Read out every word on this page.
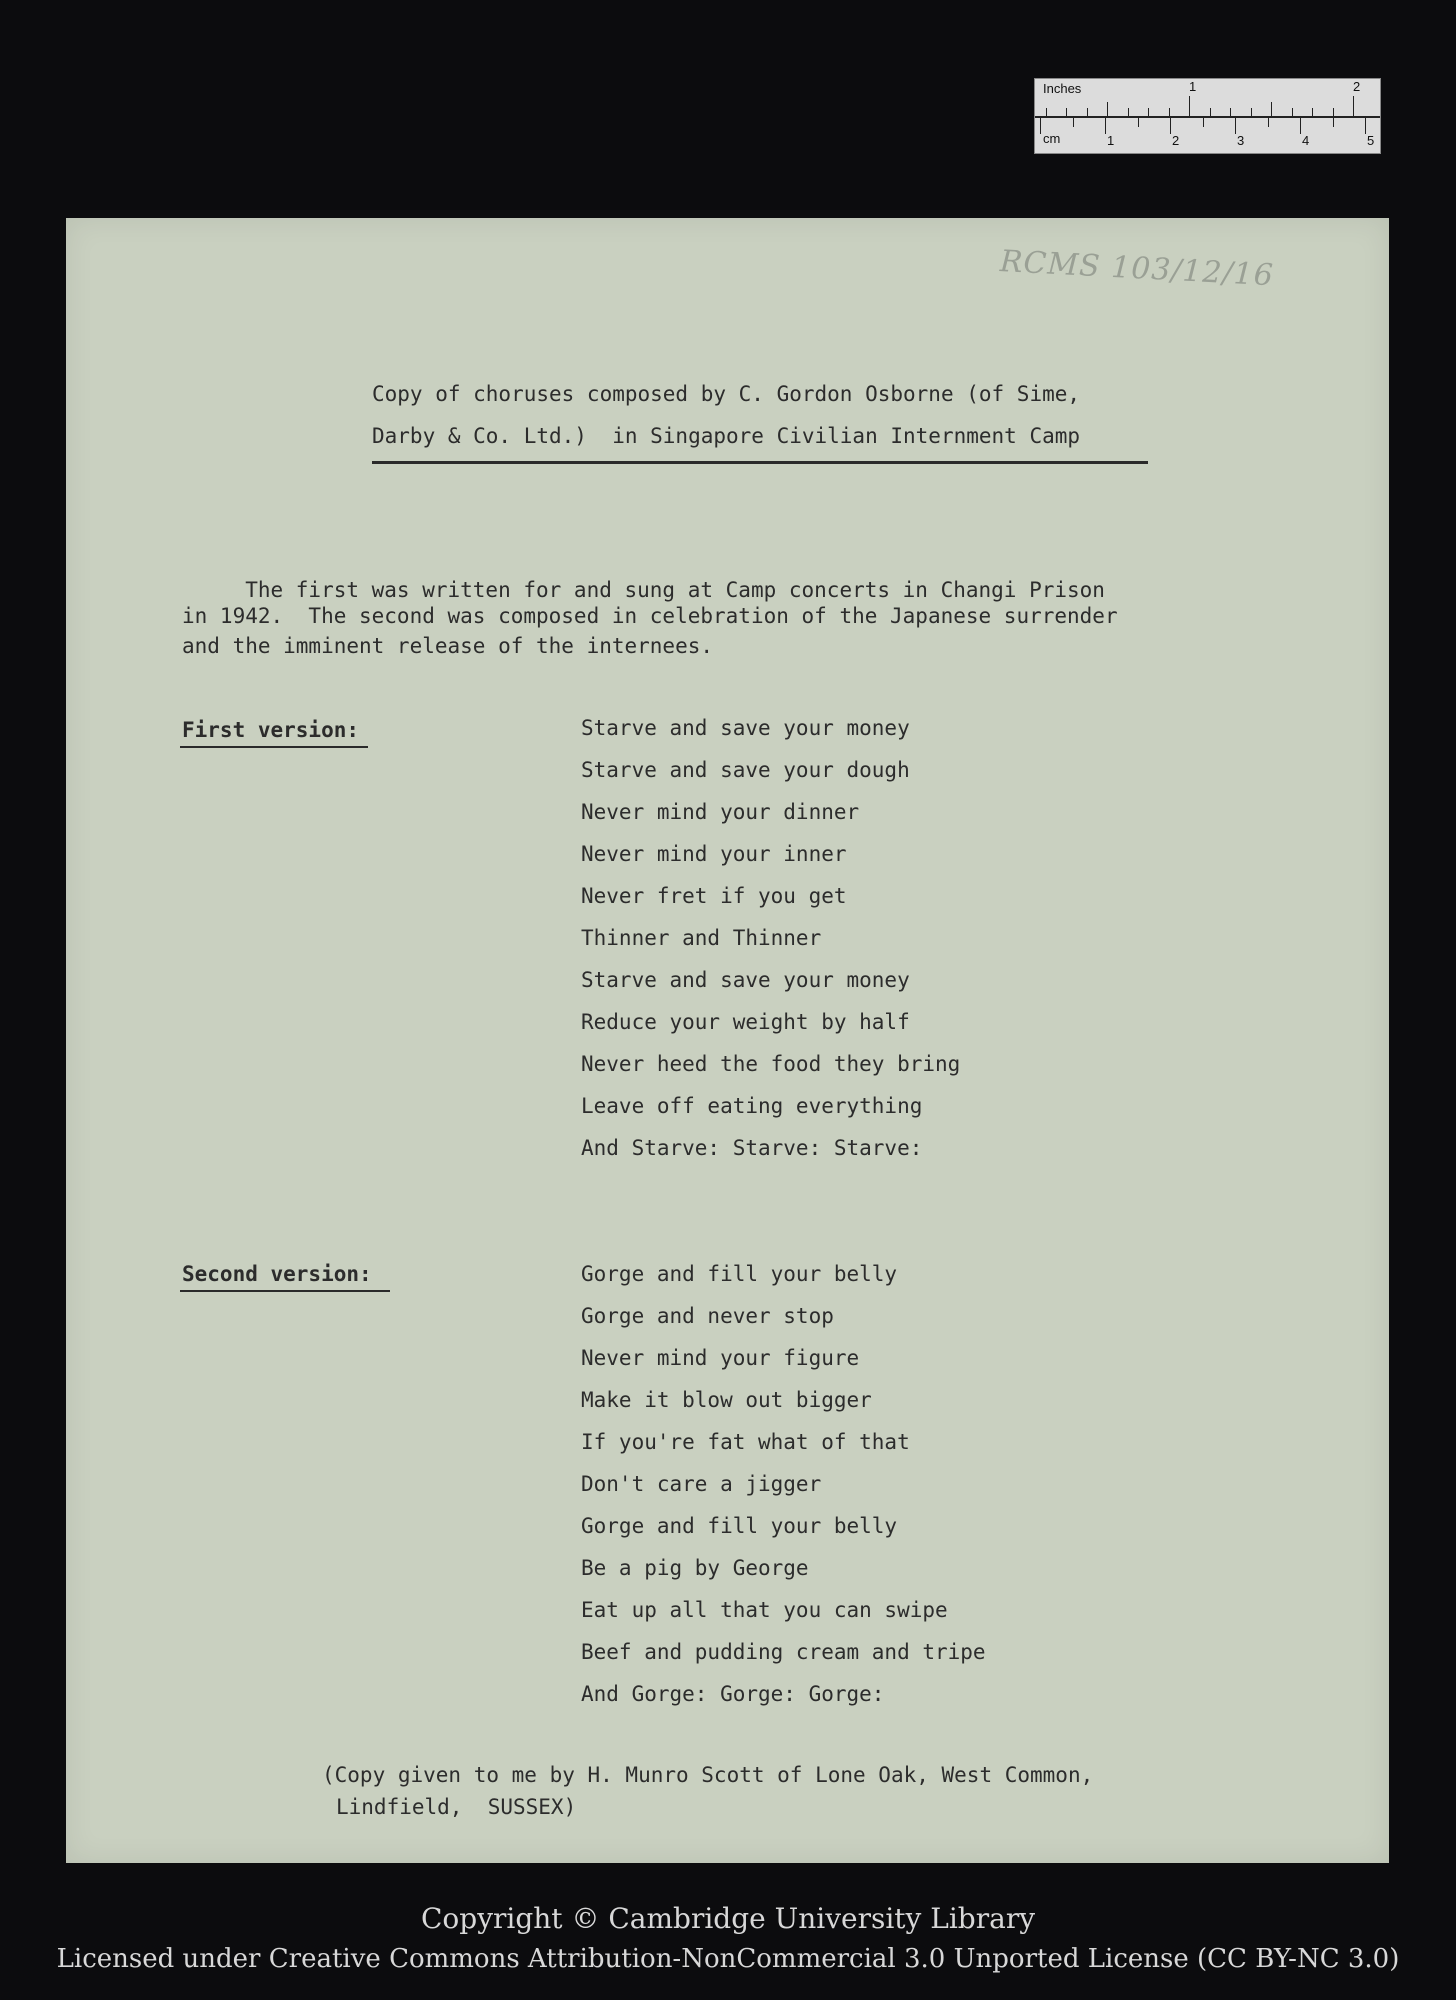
Inches
cm
1	2
1	2	3	4	5
RCMS 103/12/16
Copy of choruses composed by C. Gordon Osborne (of Sime,
Darby & Co. Ltd.)  in Singapore Civilian Internment Camp
The first was written for and sung at Camp concerts in Changi Prison
in 1942.  The second was composed in celebration of the Japanese surrender
and the imminent release of the internees.
First version:	Starve and save your money
Starve and save your dough
Never mind your dinner
Never mind your inner
Never fret if you get
Thinner and Thinner
Starve and save your money
Reduce your weight by half
Never heed the food they bring
Leave off eating everything
And Starve: Starve: Starve:
Second version:	Gorge and fill your belly
Gorge and never stop
Never mind your figure
Make it blow out bigger
If you're fat what of that
Don't care a jigger
Gorge and fill your belly
Be a pig by George
Eat up all that you can swipe
Beef and pudding cream and tripe
And Gorge: Gorge: Gorge:
(Copy given to me by H. Munro Scott of Lone Oak, West Common,
Lindfield,  SUSSEX)
Copyright © Cambridge University Library
Licensed under Creative Commons Attribution-NonCommercial 3.0 Unported License (CC BY-NC 3.0)
